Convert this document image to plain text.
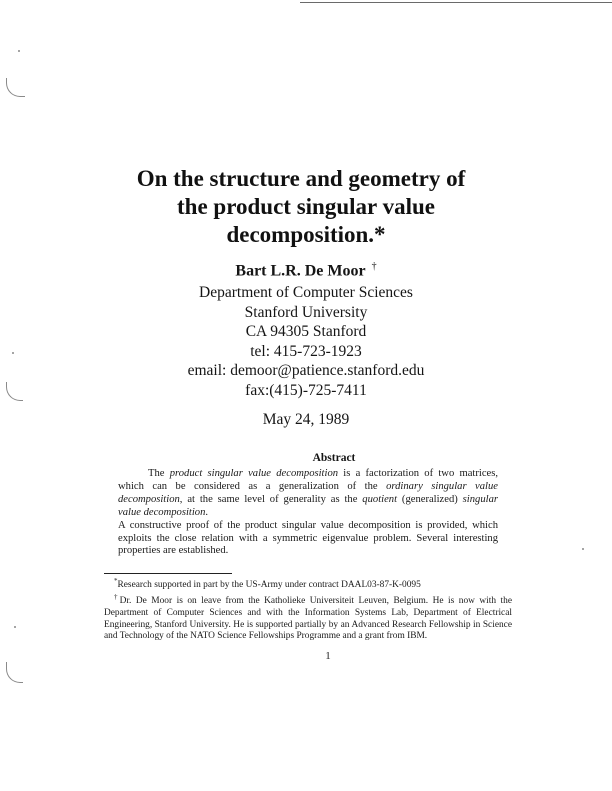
On the structure and geometry of
the product singular value
decomposition.*
Bart L.R. De Moor †
Department of Computer Sciences
Stanford University
CA 94305 Stanford
tel: 415-723-1923
email: demoor@patience.stanford.edu
fax:(415)-725-7411
May 24, 1989
Abstract

The product singular value decomposition is a factorization of two matrices, which can be considered as a generalization of the ordinary singular value decomposition, at the same level of generality as the quotient (generalized) singular value decomposition.

A constructive proof of the product singular value decomposition is provided, which exploits the close relation with a symmetric eigenvalue problem. Several interesting properties are established.

*Research supported in part by the US-Army under contract DAAL03-87-K-0095

†Dr. De Moor is on leave from the Katholieke Universiteit Leuven, Belgium. He is now with the Department of Computer Sciences and with the Information Systems Lab, Department of Electrical Engineering, Stanford University. He is supported partially by an Advanced Research Fellowship in Science and Technology of the NATO Science Fellowships Programme and a grant from IBM.

1
